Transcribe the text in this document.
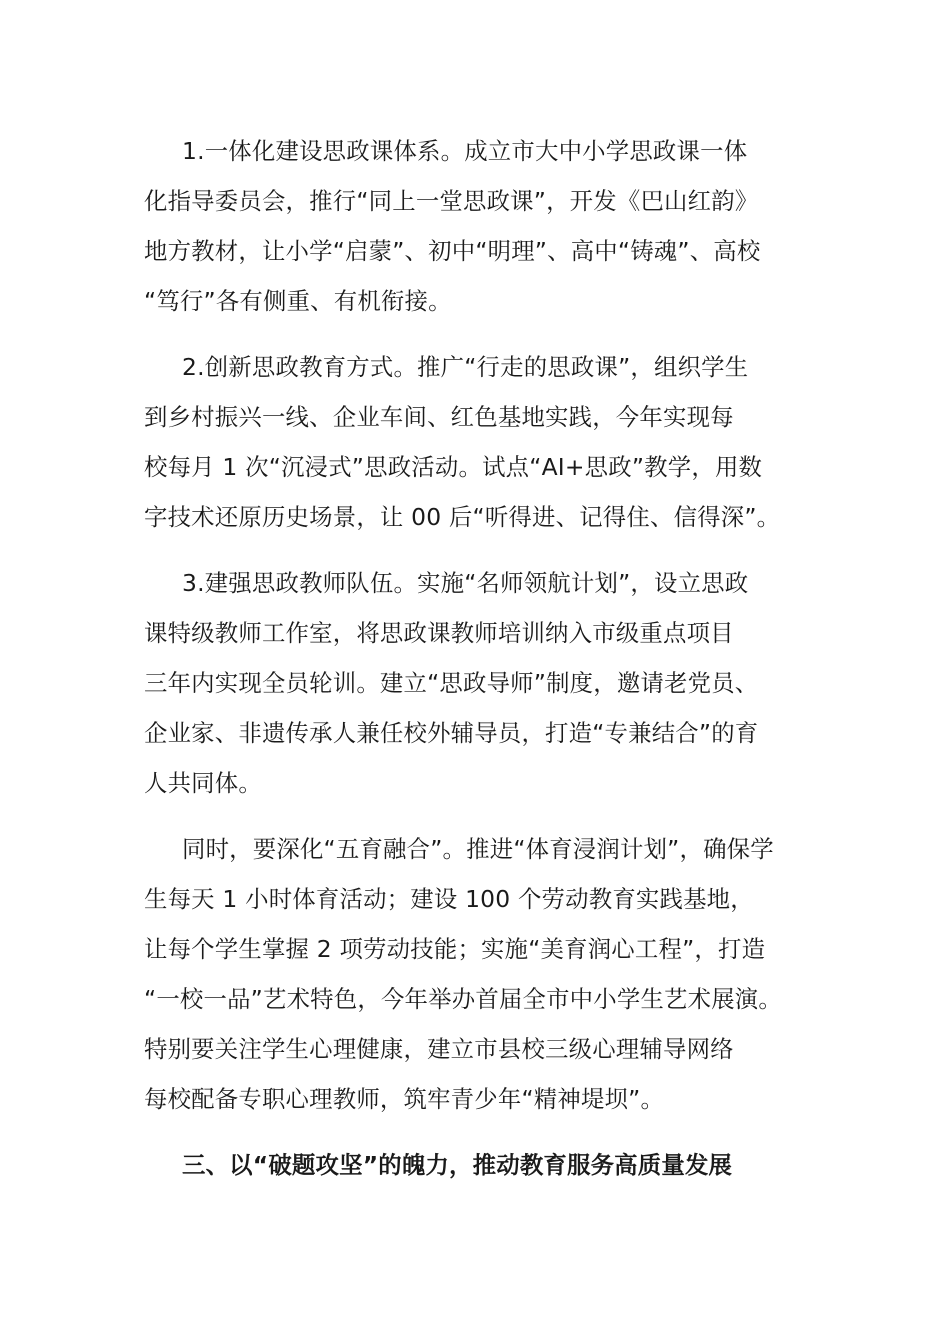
1.一体化建设思政课体系。成立市大中小学思政课一体
化指导委员会，推行“同上一堂思政课”，开发《巴山红韵》
地方教材，让小学“启蒙”、初中“明理”、高中“铸魂”、高校
“笃行”各有侧重、有机衔接。

2.创新思政教育方式。推广“行走的思政课”，组织学生
到乡村振兴一线、企业车间、红色基地实践，今年实现每
校每月 1 次“沉浸式”思政活动。试点“AI+思政”教学，用数
字技术还原历史场景，让 00 后“听得进、记得住、信得深”。

3.建强思政教师队伍。实施“名师领航计划”，设立思政
课特级教师工作室，将思政课教师培训纳入市级重点项目
三年内实现全员轮训。建立“思政导师”制度，邀请老党员、
企业家、非遗传承人兼任校外辅导员，打造“专兼结合”的育
人共同体。

同时，要深化“五育融合”。推进“体育浸润计划”，确保学
生每天 1 小时体育活动；建设 100 个劳动教育实践基地，
让每个学生掌握 2 项劳动技能；实施“美育润心工程”，打造
“一校一品”艺术特色，今年举办首届全市中小学生艺术展演。
特别要关注学生心理健康，建立市县校三级心理辅导网络
每校配备专职心理教师，筑牢青少年“精神堤坝”。

三、以“破题攻坚”的魄力，推动教育服务高质量发展
